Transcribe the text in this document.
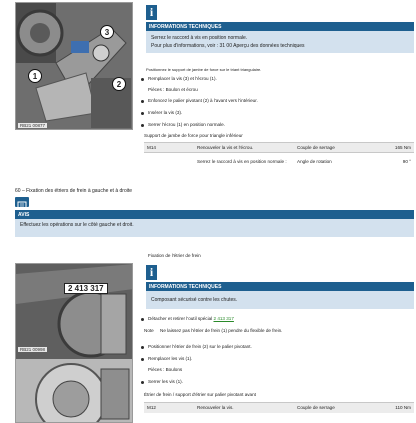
1
2
3
RB21 00877
i
INFORMATIONS TECHNIQUES
Serrez le raccord à vis en position normale.
Pour plus d'informations, voir : 31 00 Aperçu des données techniques
Positionnez le support de jambe de force sur le triant triangulaire.
Remplacer la vis (3) et l'écrou (1).
Pièces : Boulon et écrou
Enfoncez le palier pivotant (2) à l'avant vers l'intérieur.
Insérer la vis (3).
Serrer l'écrou (1) en position normale.
Support de jambe de force pour triangle inférieur
M14	Renouveler la vis et l'écrou.	Couple de serrage	165 Nm
	Serrez le raccord à vis en position normale :	Angle de rotation	90 °
60 – Fixation des étriers de frein à gauche et à droite
AVIS
Effectuez les opérations sur le côté gauche et droit.
Fixation de l'étrier de frein
2 413 317
RB21 00998
i
INFORMATIONS TECHNIQUES
Composant sécurisé contre les chutes.
Détacher et retirer l'outil spécial 2 413 317
Note Ne laissez pas l'étrier de frein (1) pendre du flexible de frein.
Positionner l'étrier de frein (2) sur le palier pivotant.
Remplacer les vis (1).
Pièces : Boulons
Serrer les vis (1).
Étrier de frein / support d'étrier sur palier pivotant avant
M12	Renouveler la vis.	Couple de serrage	110 Nm
